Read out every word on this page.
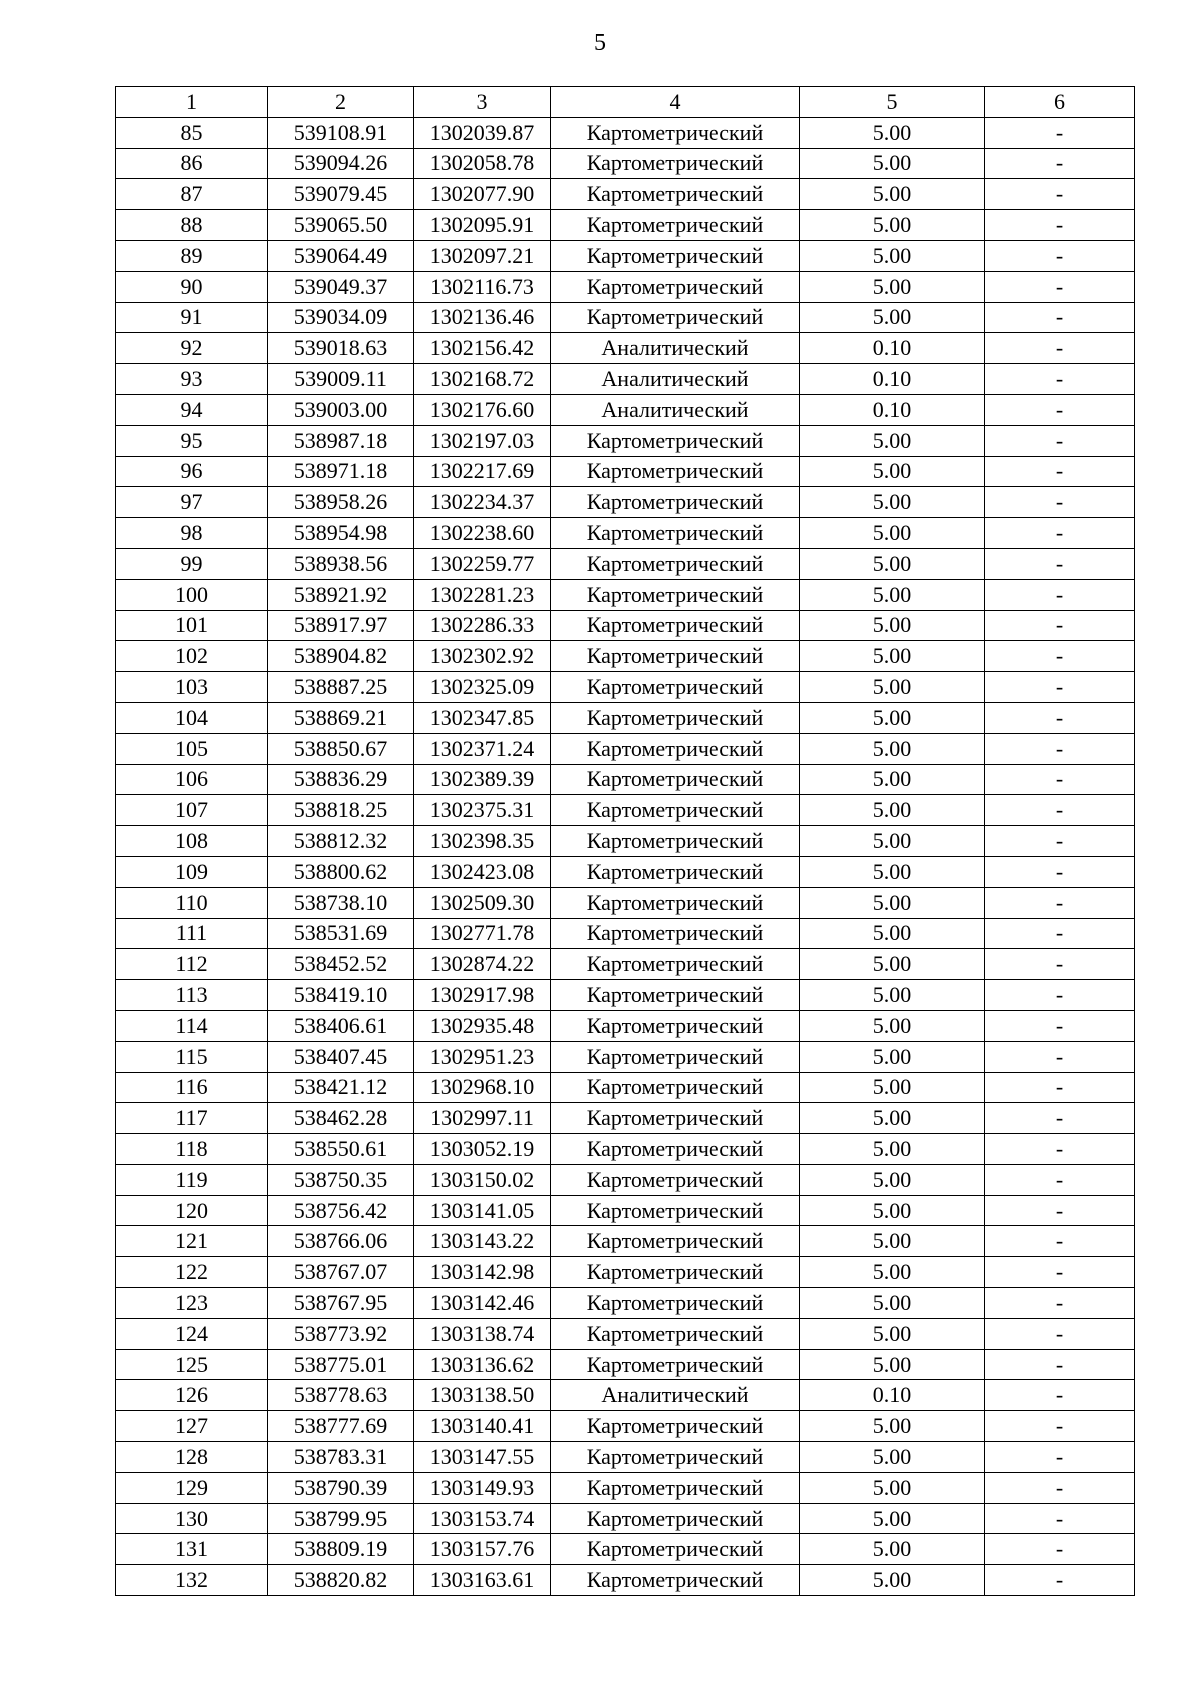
5
1	2	3	4	5	6
85	539108.91	1302039.87	Картометрический	5.00	-
86	539094.26	1302058.78	Картометрический	5.00	-
87	539079.45	1302077.90	Картометрический	5.00	-
88	539065.50	1302095.91	Картометрический	5.00	-
89	539064.49	1302097.21	Картометрический	5.00	-
90	539049.37	1302116.73	Картометрический	5.00	-
91	539034.09	1302136.46	Картометрический	5.00	-
92	539018.63	1302156.42	Аналитический	0.10	-
93	539009.11	1302168.72	Аналитический	0.10	-
94	539003.00	1302176.60	Аналитический	0.10	-
95	538987.18	1302197.03	Картометрический	5.00	-
96	538971.18	1302217.69	Картометрический	5.00	-
97	538958.26	1302234.37	Картометрический	5.00	-
98	538954.98	1302238.60	Картометрический	5.00	-
99	538938.56	1302259.77	Картометрический	5.00	-
100	538921.92	1302281.23	Картометрический	5.00	-
101	538917.97	1302286.33	Картометрический	5.00	-
102	538904.82	1302302.92	Картометрический	5.00	-
103	538887.25	1302325.09	Картометрический	5.00	-
104	538869.21	1302347.85	Картометрический	5.00	-
105	538850.67	1302371.24	Картометрический	5.00	-
106	538836.29	1302389.39	Картометрический	5.00	-
107	538818.25	1302375.31	Картометрический	5.00	-
108	538812.32	1302398.35	Картометрический	5.00	-
109	538800.62	1302423.08	Картометрический	5.00	-
110	538738.10	1302509.30	Картометрический	5.00	-
111	538531.69	1302771.78	Картометрический	5.00	-
112	538452.52	1302874.22	Картометрический	5.00	-
113	538419.10	1302917.98	Картометрический	5.00	-
114	538406.61	1302935.48	Картометрический	5.00	-
115	538407.45	1302951.23	Картометрический	5.00	-
116	538421.12	1302968.10	Картометрический	5.00	-
117	538462.28	1302997.11	Картометрический	5.00	-
118	538550.61	1303052.19	Картометрический	5.00	-
119	538750.35	1303150.02	Картометрический	5.00	-
120	538756.42	1303141.05	Картометрический	5.00	-
121	538766.06	1303143.22	Картометрический	5.00	-
122	538767.07	1303142.98	Картометрический	5.00	-
123	538767.95	1303142.46	Картометрический	5.00	-
124	538773.92	1303138.74	Картометрический	5.00	-
125	538775.01	1303136.62	Картометрический	5.00	-
126	538778.63	1303138.50	Аналитический	0.10	-
127	538777.69	1303140.41	Картометрический	5.00	-
128	538783.31	1303147.55	Картометрический	5.00	-
129	538790.39	1303149.93	Картометрический	5.00	-
130	538799.95	1303153.74	Картометрический	5.00	-
131	538809.19	1303157.76	Картометрический	5.00	-
132	538820.82	1303163.61	Картометрический	5.00	-
